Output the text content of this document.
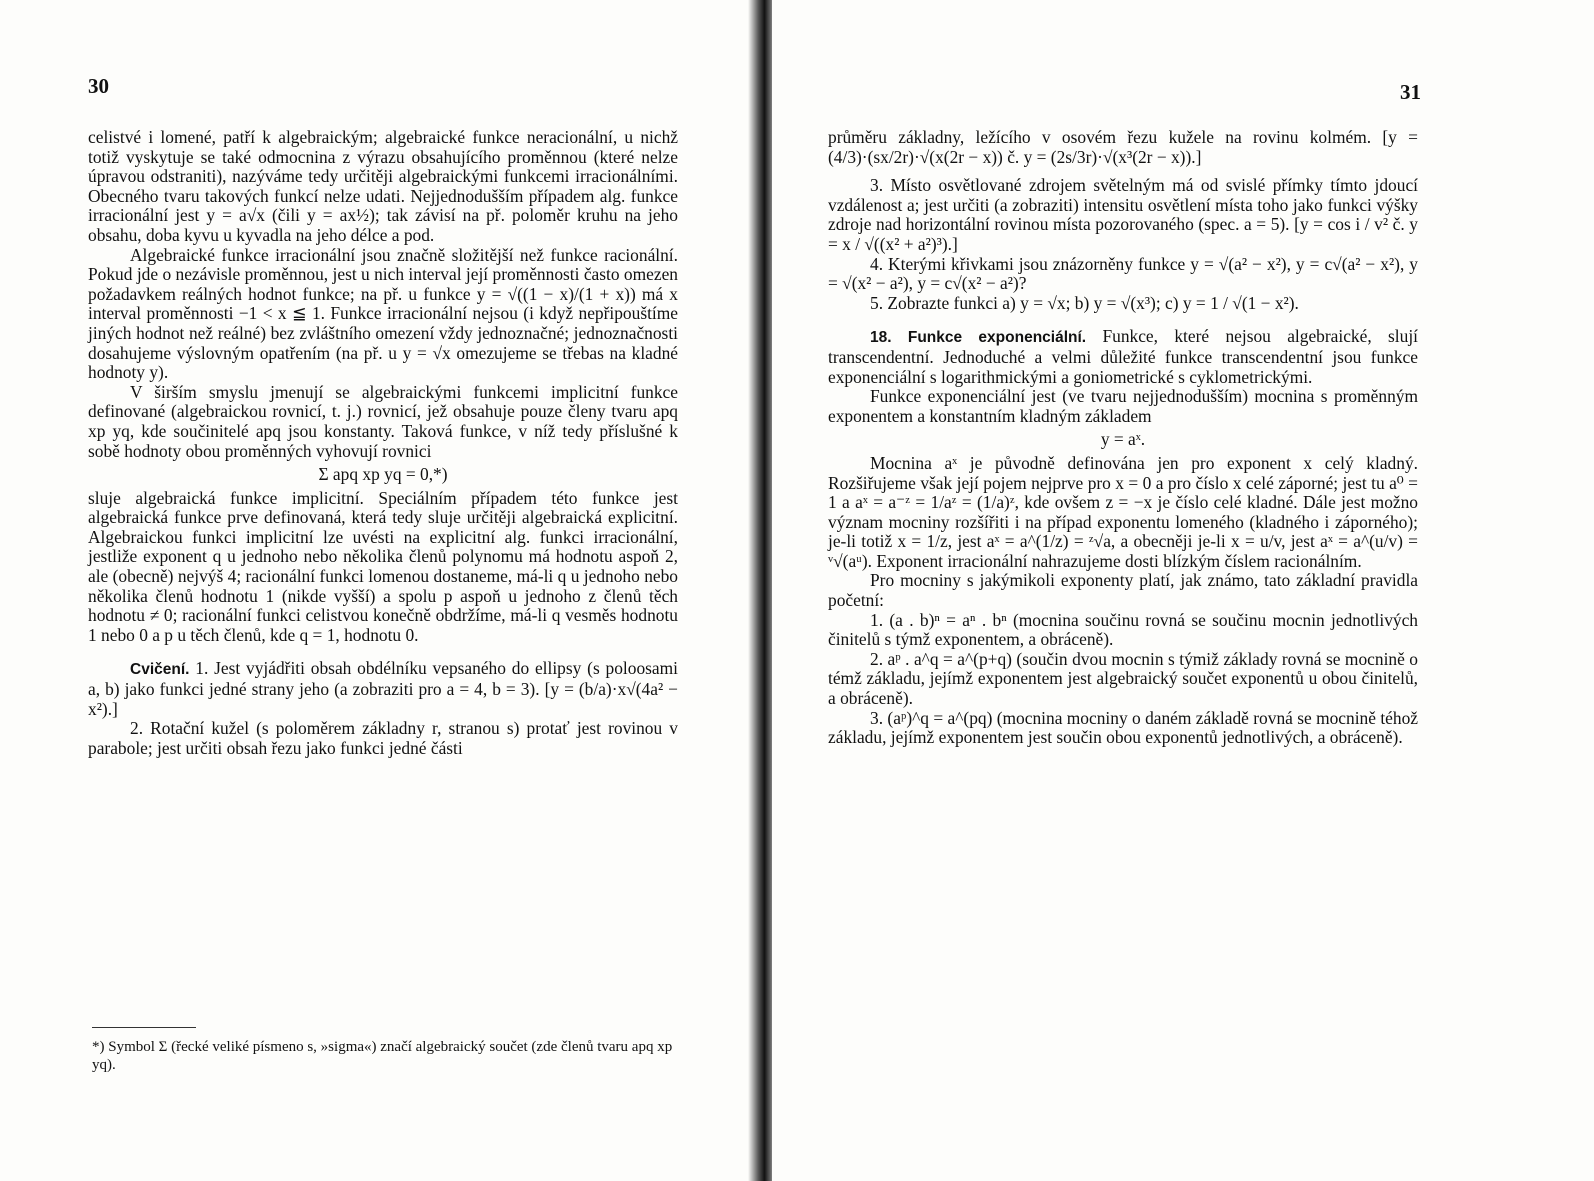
30

celistvé i lomené, patří k algebraickým; algebraické funkce neracionální, u nichž totiž vyskytuje se také odmocnina z výrazu obsahujícího proměnnou (které nelze úpravou odstraniti), nazýváme tedy určitěji algebraickými funkcemi irracionálními. Obecného tvaru takových funkcí nelze udati. Nejjednodušším případem alg. funkce irracionální jest y = a√x (čili y = ax½); tak závisí na př. poloměr kruhu na jeho obsahu, doba kyvu u kyvadla na jeho délce a pod.

Algebraické funkce irracionální jsou značně složitější než funkce racionální. Pokud jde o nezávisle proměnnou, jest u nich interval její proměnnosti často omezen požadavkem reálných hodnot funkce; na př. u funkce y = √((1 − x)/(1 + x)) má x interval proměnnosti −1 < x ≦ 1. Funkce irracionální nejsou (i když nepřipouštíme jiných hodnot než reálné) bez zvláštního omezení vždy jednoznačné; jednoznačnosti dosahujeme výslovným opatřením (na př. u y = √x omezujeme se třebas na kladné hodnoty y).

V širším smyslu jmenují se algebraickými funkcemi implicitní funkce definované (algebraickou rovnicí, t. j.) rovnicí, jež obsahuje pouze členy tvaru apq xp yq, kde součinitelé apq jsou konstanty. Taková funkce, v níž tedy příslušné k sobě hodnoty obou proměnných vyhovují rovnici

Σ apq xp yq = 0,*)

sluje algebraická funkce implicitní. Speciálním případem této funkce jest algebraická funkce prve definovaná, která tedy sluje určitěji algebraická explicitní. Algebraickou funkci implicitní lze uvésti na explicitní alg. funkci irracionální, jestliže exponent q u jednoho nebo několika členů polynomu má hodnotu aspoň 2, ale (obecně) nejvýš 4; racionální funkci lomenou dostaneme, má-li q u jednoho nebo několika členů hodnotu 1 (nikde vyšší) a spolu p aspoň u jednoho z členů těch hodnotu ≠ 0; racionální funkci celistvou konečně obdržíme, má-li q vesměs hodnotu 1 nebo 0 a p u těch členů, kde q = 1, hodnotu 0.

Cvičení. 1. Jest vyjádřiti obsah obdélníku vepsaného do ellipsy (s poloosami a, b) jako funkci jedné strany jeho (a zobraziti pro a = 4, b = 3). [y = (b/a)·x√(4a² − x²).]

2. Rotační kužel (s poloměrem základny r, stranou s) protať jest rovinou v parabole; jest určiti obsah řezu jako funkci jedné části

*) Symbol Σ (řecké veliké písmeno s, »sigma«) značí algebraický součet (zde členů tvaru apq xp yq).
31

průměru základny, ležícího v osovém řezu kužele na rovinu kolmém. [y = (4/3)·(sx/2r)·√(x(2r − x)) č. y = (2s/3r)·√(x³(2r − x)).]

3. Místo osvětlované zdrojem světelným má od svislé přímky tímto jdoucí vzdálenost a; jest určiti (a zobraziti) intensitu osvětlení místa toho jako funkci výšky zdroje nad horizontální rovinou místa pozorovaného (spec. a = 5). [y = cos i / v² č. y = x / √((x² + a²)³).]

4. Kterými křivkami jsou znázorněny funkce y = √(a² − x²), y = c√(a² − x²), y = √(x² − a²), y = c√(x² − a²)?

5. Zobrazte funkci a) y = √x; b) y = √(x³); c) y = 1 / √(1 − x²).

18. Funkce exponenciální. Funkce, které nejsou algebraické, slují transcendentní. Jednoduché a velmi důležité funkce transcendentní jsou funkce exponenciální s logarithmickými a goniometrické s cyklometrickými.

Funkce exponenciální jest (ve tvaru nejjednodušším) mocnina s proměnným exponentem a konstantním kladným základem

y = aˣ.

Mocnina aˣ je původně definována jen pro exponent x celý kladný. Rozšiřujeme však její pojem nejprve pro x = 0 a pro číslo x celé záporné; jest tu a⁰ = 1 a aˣ = a⁻ᶻ = 1/aᶻ = (1/a)ᶻ, kde ovšem z = −x je číslo celé kladné. Dále jest možno význam mocniny rozšířiti i na případ exponentu lomeného (kladného i záporného); je-li totiž x = 1/z, jest aˣ = a^(1/z) = ᶻ√a, a obecněji je-li x = u/v, jest aˣ = a^(u/v) = ᵛ√(aᵘ). Exponent irracionální nahrazujeme dosti blízkým číslem racionálním.

Pro mocniny s jakýmikoli exponenty platí, jak známo, tato základní pravidla početní:

1. (a . b)ⁿ = aⁿ . bⁿ (mocnina součinu rovná se součinu mocnin jednotlivých činitelů s týmž exponentem, a obráceně).

2. aᵖ . a^q = a^(p+q) (součin dvou mocnin s týmiž základy rovná se mocnině o témž základu, jejímž exponentem jest algebraický součet exponentů u obou činitelů, a obráceně).

3. (aᵖ)^q = a^(pq) (mocnina mocniny o daném základě rovná se mocnině téhož základu, jejímž exponentem jest součin obou exponentů jednotlivých, a obráceně).
